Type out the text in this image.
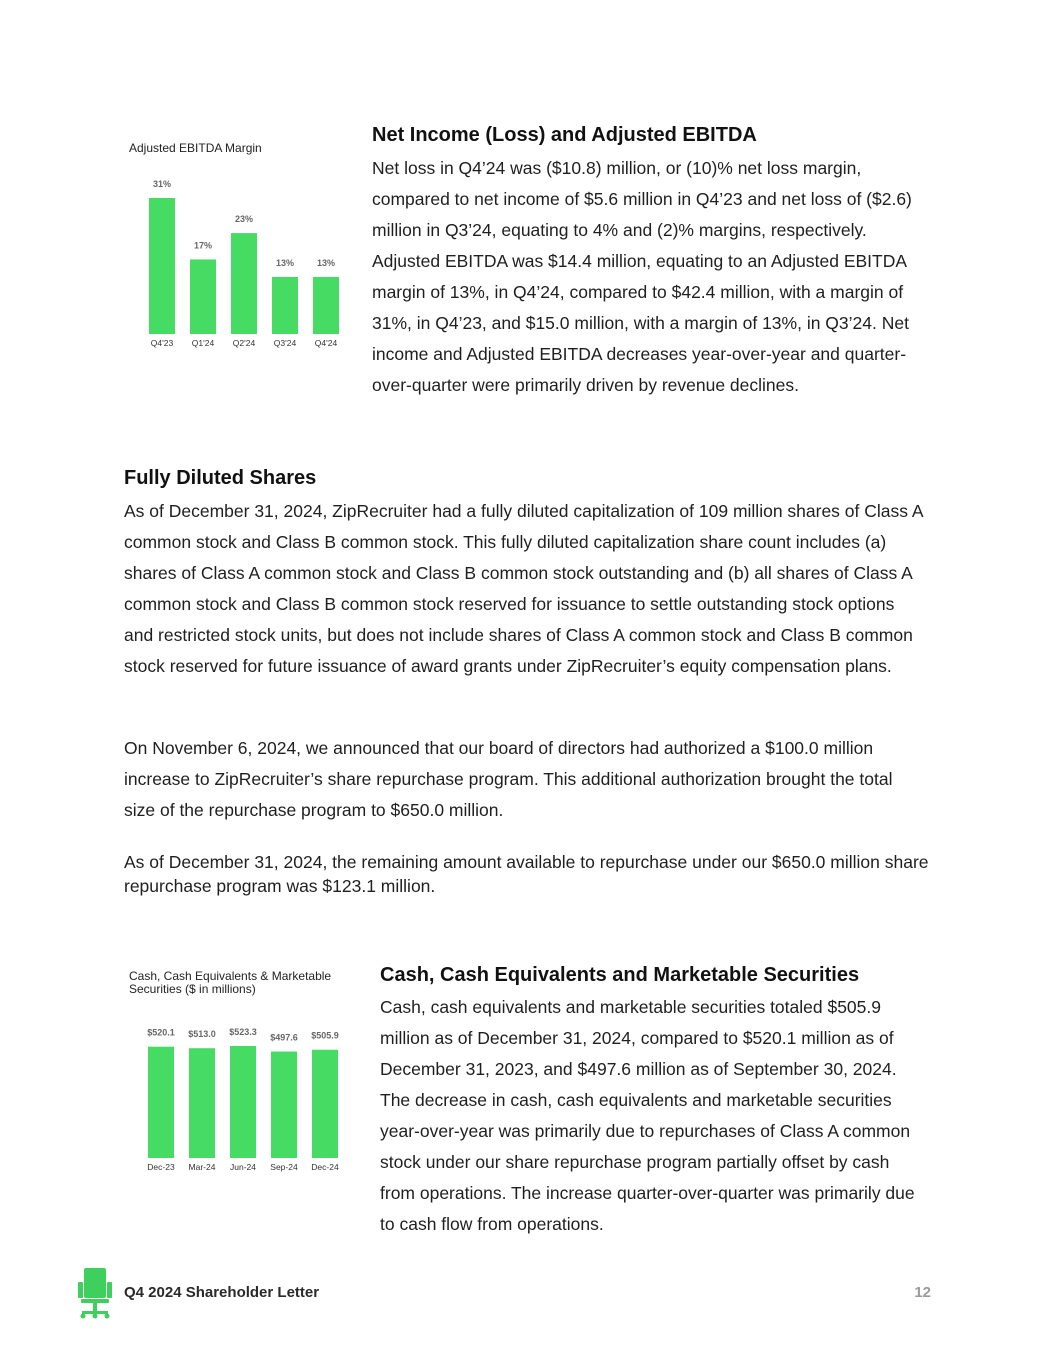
Adjusted EBITDA Margin
31%
Q4'23
17%
Q1'24
23%
Q2'24
13%
Q3'24
13%
Q4'24
Net Income (Loss) and Adjusted EBITDA

Net loss in Q4’24 was ($10.8) million, or (10)% net loss margin, compared to net income of $5.6 million in Q4’23 and net loss of ($2.6) million in Q3’24, equating to 4% and (2)% margins, respectively. Adjusted EBITDA was $14.4 million, equating to an Adjusted EBITDA margin of 13%, in Q4’24, compared to $42.4 million, with a margin of 31%, in Q4’23, and $15.0 million, with a margin of 13%, in Q3’24. Net income and Adjusted EBITDA decreases year-over-year and quarter-over-quarter were primarily driven by revenue declines.

Fully Diluted Shares

As of December 31, 2024, ZipRecruiter had a fully diluted capitalization of 109 million shares of Class A common stock and Class B common stock. This fully diluted capitalization share count includes (a) shares of Class A common stock and Class B common stock outstanding and (b) all shares of Class A common stock and Class B common stock reserved for issuance to settle outstanding stock options and restricted stock units, but does not include shares of Class A common stock and Class B common stock reserved for future issuance of award grants under ZipRecruiter’s equity compensation plans.

On November 6, 2024, we announced that our board of directors had authorized a $100.0 million increase to ZipRecruiter’s share repurchase program. This additional authorization brought the total size of the repurchase program to $650.0 million.

As of December 31, 2024, the remaining amount available to repurchase under our $650.0 million share repurchase program was $123.1 million.

Cash, Cash Equivalents & Marketable
Securities ($ in millions)
$520.1
Dec-23
$513.0
Mar-24
$523.3
Jun-24
$497.6
Sep-24
$505.9
Dec-24
Cash, Cash Equivalents and Marketable Securities

Cash, cash equivalents and marketable securities totaled $505.9 million as of December 31, 2024, compared to $520.1 million as of December 31, 2023, and $497.6 million as of September 30, 2024. The decrease in cash, cash equivalents and marketable securities year-over-year was primarily due to repurchases of Class A common stock under our share repurchase program partially offset by cash from operations. The increase quarter-over-quarter was primarily due to cash flow from operations.

Q4 2024 Shareholder Letter	12
